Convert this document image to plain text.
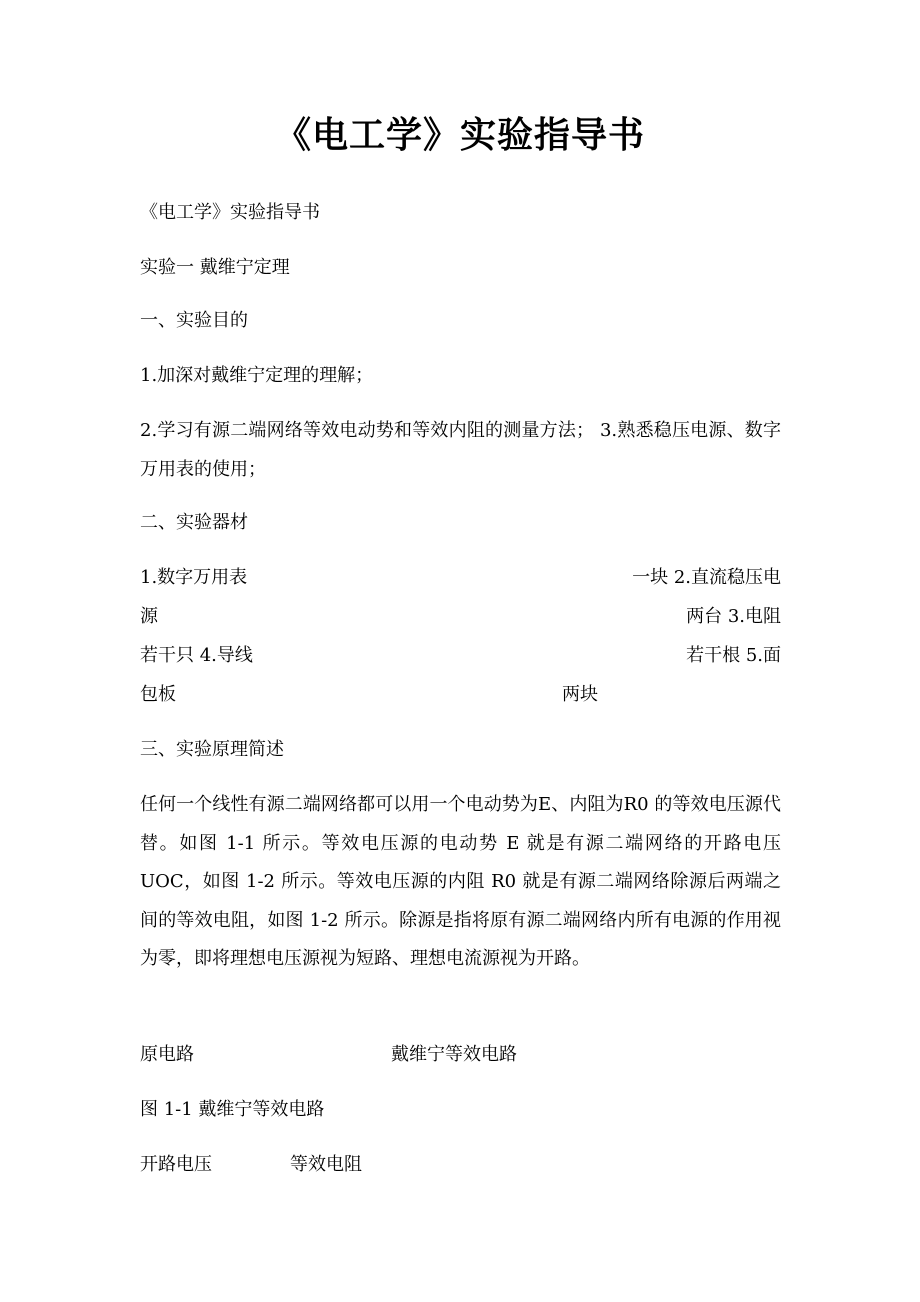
《电工学》实验指导书
《电工学》实验指导书
实验一 戴维宁定理
一、实验目的
1.加深对戴维宁定理的理解；
2.学习有源二端网络等效电动势和等效内阻的测量方法； 3.熟悉稳压电源、数字万用表的使用；
二、实验器材
1.数字万用表	一块 2.直流稳压电
源	两台 3.电阻
若干只 4.导线	若干根 5.面
包板	两块
三、实验原理简述
任何一个线性有源二端网络都可以用一个电动势为E、内阻为R0 的等效电压源代替。如图 1-1 所示。等效电压源的电动势 E 就是有源二端网络的开路电压UOC，如图 1-2 所示。等效电压源的内阻 R0 就是有源二端网络除源后两端之间的等效电阻，如图 1-2 所示。除源是指将原有源二端网络内所有电源的作用视为零，即将理想电压源视为短路、理想电流源视为开路。
原电路	戴维宁等效电路
图 1-1 戴维宁等效电路
开路电压	等效电阻
